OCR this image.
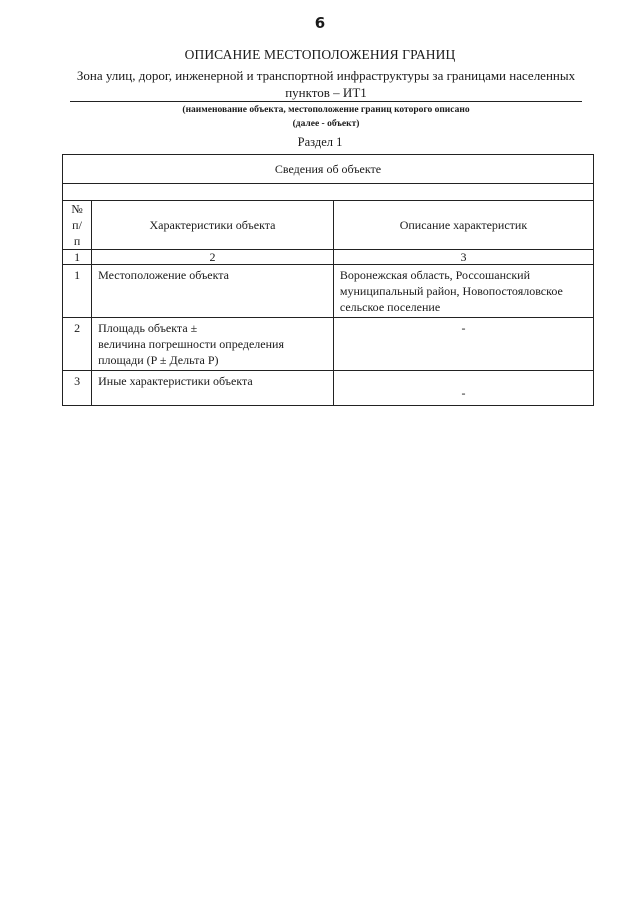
6
ОПИСАНИЕ МЕСТОПОЛОЖЕНИЯ ГРАНИЦ
Зона улиц, дорог, инженерной и транспортной инфраструктуры за границами населенных пунктов – ИТ1
(наименование объекта, местоположение границ которого описано
(далее - объект)
Раздел 1
Сведения об объекте		

№
п/п	Характеристики объекта	Описание характеристик
1	2	3
1	Местоположение объекта	Воронежская область, Россошанский муниципальный район, Новопостояловское сельское поселение
2	Площадь объекта ±
величина погрешности определения площади (P ± Дельта P)	-
3	Иные характеристики объекта	-
